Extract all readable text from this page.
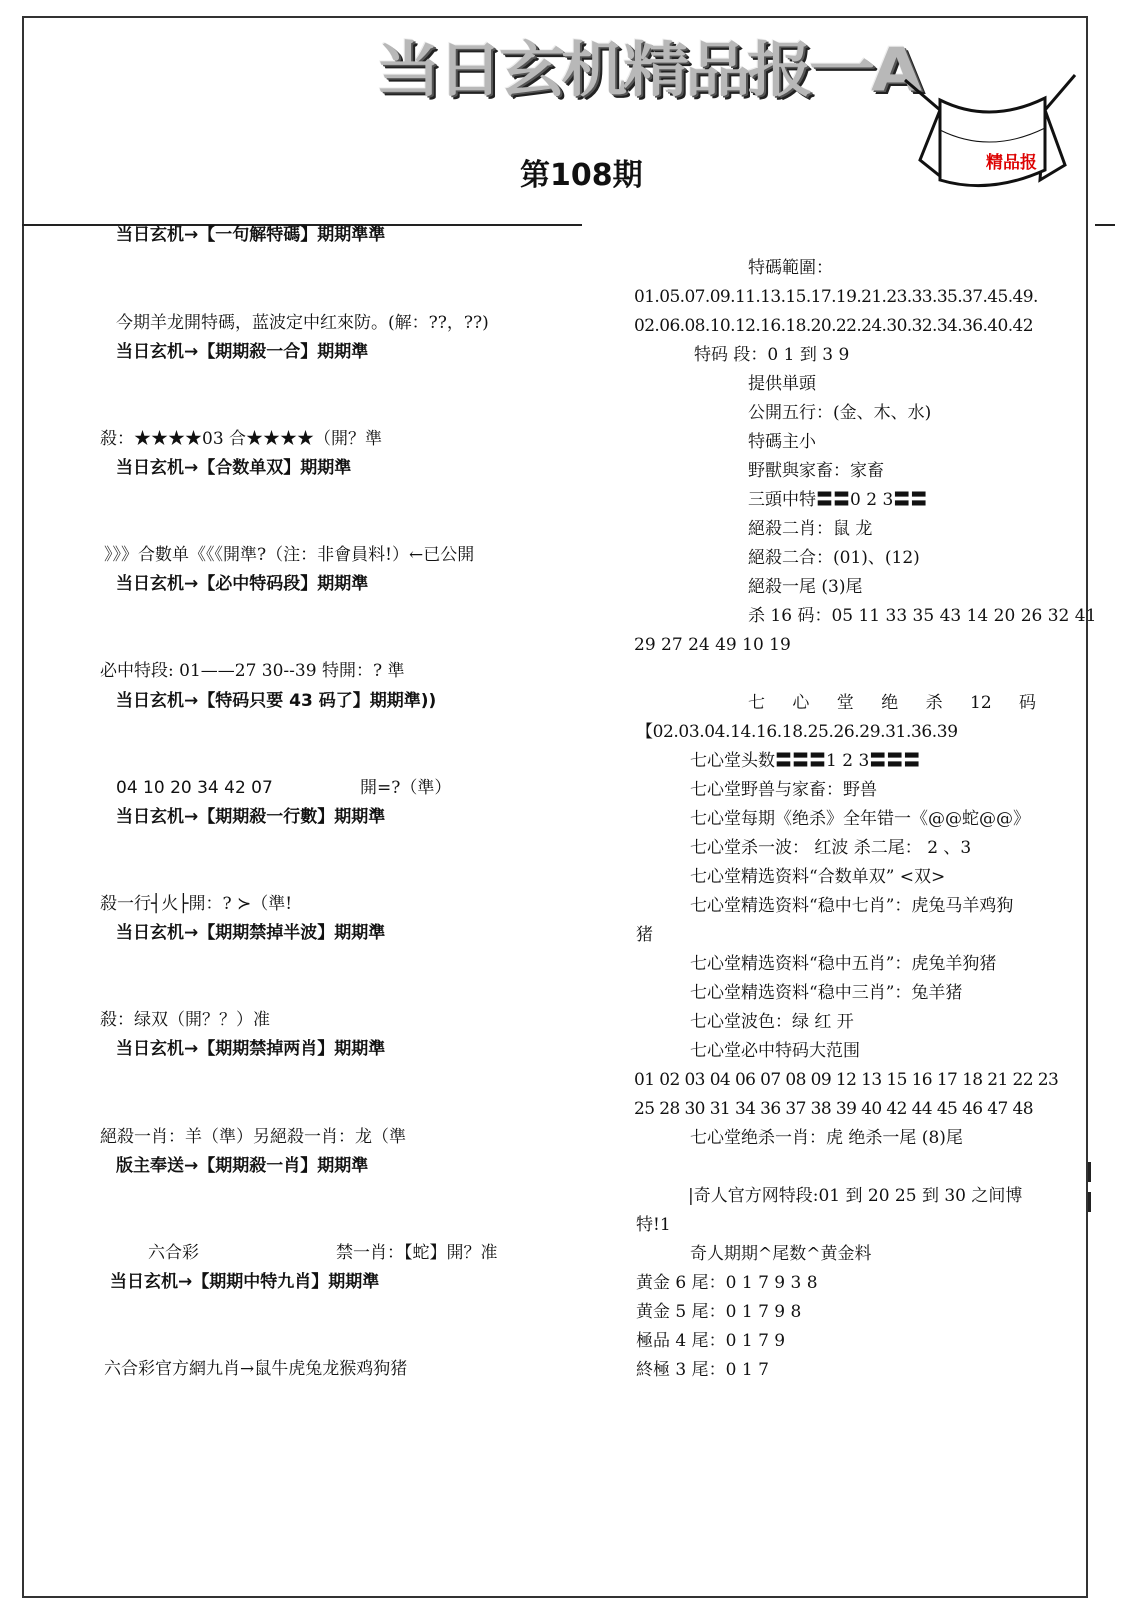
当日玄机精品报一A
第108期	精品报
当日玄机→【一句解特碼】期期準準
今期羊龙開特碼，蓝波定中红來防。(解：??，??)
当日玄机→【期期殺一合】期期準
殺：★★★★03 合★★★★（開？準
当日玄机→【合数单双】期期準
》》》合數单《《《開準?（注：非會員料!）←已公開
当日玄机→【必中特码段】期期準
必中特段: 01——27 30--39 特開：? 準
当日玄机→【特码只要 43 码了】期期準))
04 10 20 34 42 07	開=?（準）
当日玄机→【期期殺一行數】期期準
殺一行┤火├開：? ≻（準!
当日玄机→【期期禁掉半波】期期準
殺：绿双（開？？）准
当日玄机→【期期禁掉两肖】期期準
絕殺一肖：羊（準）另絕殺一肖：龙（準
版主奉送→【期期殺一肖】期期準
六合彩	禁一肖：【蛇】開？准
当日玄机→【期期中特九肖】期期準
六合彩官方網九肖→鼠牛虎兔龙猴鸡狗猪
特碼範圍：
01.05.07.09.11.13.15.17.19.21.23.33.35.37.45.49.
02.06.08.10.12.16.18.20.22.24.30.32.34.36.40.42
特码 段：0 1 到 3 9
提供単頭
公開五行：(金、木、水)
特碼主小
野獸與家畜：家畜
三頭中特〓〓0 2 3〓〓
絕殺二肖：鼠 龙
絕殺二合：(01)、(12)
絕殺一尾 (3)尾
杀 16 码：05 11 33 35 43 14 20 26 32 41
29 27 24 49 10 19
七 心 堂 绝 杀 12 码
【02.03.04.14.16.18.25.26.29.31.36.39
七心堂头数〓〓〓1 2 3〓〓〓
七心堂野兽与家畜：野兽
七心堂每期《绝杀》全年错一《@@蛇@@》
七心堂杀一波： 红波 杀二尾： 2 、3
七心堂精选资料“合数单双” <双>
七心堂精选资料“稳中七肖”：虎兔马羊鸡狗
猪
七心堂精选资料“稳中五肖”：虎兔羊狗猪
七心堂精选资料“稳中三肖”：兔羊猪
七心堂波色：绿 红 开
七心堂必中特码大范围
01 02 03 04 06 07 08 09 12 13 15 16 17 18 21 22 23
25 28 30 31 34 36 37 38 39 40 42 44 45 46 47 48
七心堂绝杀一肖：虎 绝杀一尾 (8)尾
|奇人官方网特段:01 到 20 25 到 30 之间博
特!1
奇人期期^尾数^黄金料
黄金 6 尾：0 1 7 9 3 8
黄金 5 尾：0 1 7 9 8
極品 4 尾：0 1 7 9
終極 3 尾：0 1 7
